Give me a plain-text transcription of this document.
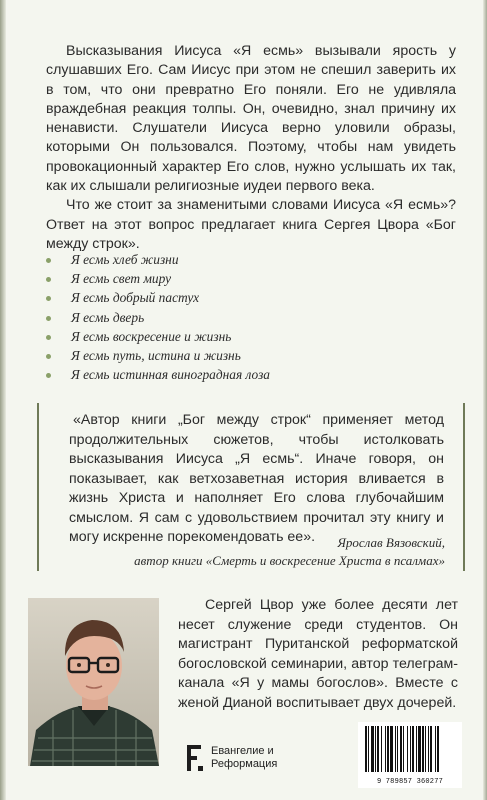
Высказывания Иисуса «Я есмь» вызывали ярость у слушавших Его. Сам Иисус при этом не спешил заверить их в том, что они превратно Его поняли. Его не удивляла враждебная реакция толпы. Он, очевидно, знал причину их ненависти. Слушатели Иисуса верно уловили образы, которыми Он пользовался. Поэтому, чтобы нам увидеть провокационный характер Его слов, нужно услышать их так, как их слышали религиозные иудеи первого века.

Что же стоит за знаменитыми словами Иисуса «Я есмь»? Ответ на этот вопрос предлагает книга Сергея Цвора «Бог между строк».

Я есмь хлеб жизни
Я есмь свет миру
Я есмь добрый пастух
Я есмь дверь
Я есмь воскресение и жизнь
Я есмь путь, истина и жизнь
Я есмь истинная виноградная лоза

«Автор книги „Бог между строк“ применяет метод продолжительных сюжетов, чтобы истолковать высказывания Иисуса „Я есмь“. Иначе говоря, он показывает, как ветхозаветная история вливается в жизнь Христа и наполняет Его слова глубочайшим смыслом. Я сам с удовольствием прочитал эту книгу и могу искренне порекомендовать ее».	Ярослав Вязовский,
автор книги «Смерть и воскресение Христа в псалмах»

Сергей Цвор уже более десяти лет несет служение среди студентов. Он магистрант Пуританской реформатской богословской семинарии, автор телеграм-канала «Я у мамы богослов». Вместе с женой Дианой воспитывает двух дочерей.

Евангелие и
Реформация
9 789857 360277
